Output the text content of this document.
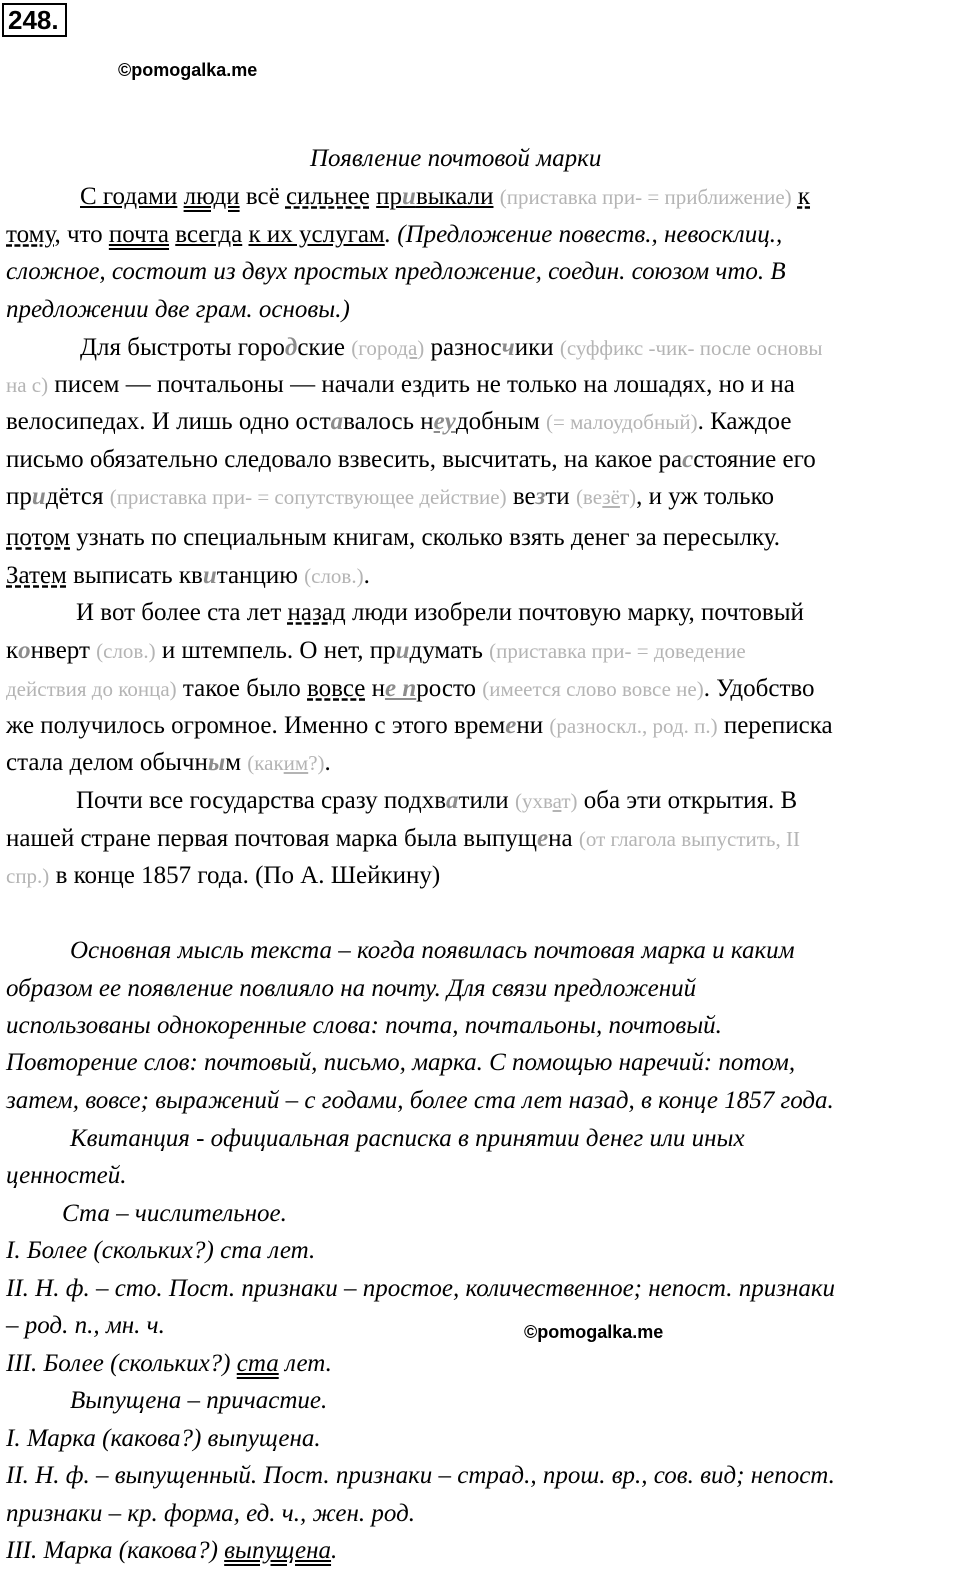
248.
©pomogalka.me
Появление почтовой марки
С годами люди всё сильнее привыкали (приставка при- = приближение) к
тому, что почта всегда к их услугам. (Предложение повеств., невосклиц.,
сложное, состоит из двух простых предложение, соедин. союзом что. В
предложении две грам. основы.)
Для быстроты городские (города) разносчики (суффикс -чик- после основы
на с) писем — почтальоны — начали ездить не только на лошадях, но и на
велосипедах. И лишь одно оставалось неудобным (= малоудобный). Каждое
письмо обязательно следовало взвесить, высчитать, на какое расстояние его
придётся (приставка при- = сопутствующее действие) везти (везёт), и уж только
потом узнать по специальным книгам, сколько взять денег за пересылку.
Затем выписать квитанцию (слов.).
И вот более ста лет назад люди изобрели почтовую марку, почтовый
конверт (слов.) и штемпель. О нет, придумать (приставка при- = доведение
действия до конца) такое было вовсе не просто (имеется слово вовсе не). Удобство
же получилось огромное. Именно с этого времени (разноскл., род. п.) переписка
стала делом обычным (каким?).
Почти все государства сразу подхватили (ухват) оба эти открытия. В
нашей стране первая почтовая марка была выпущена (от глагола выпустить, II
спр.) в конце 1857 года. (По А. Шейкину)
Основная мысль текста – когда появилась почтовая марка и каким
образом ее появление повлияло на почту. Для связи предложений
использованы однокоренные слова: почта, почтальоны, почтовый.
Повторение слов: почтовый, письмо, марка. С помощью наречий: потом,
затем, вовсе; выражений – с годами, более ста лет назад, в конце 1857 года.
Квитанция - официальная расписка в принятии денег или иных
ценностей.
Ста – числительное.
I. Более (скольких?) ста лет.
II. Н. ф. – сто. Пост. признаки – простое, количественное; непост. признаки
– род. п., мн. ч.	©pomogalka.me
III. Более (скольких?) ста лет.
Выпущена – причастие.
I. Марка (какова?) выпущена.
II. Н. ф. – выпущенный. Пост. признаки – страд., прош. вр., сов. вид; непост.
признаки – кр. форма, ед. ч., жен. род.
III. Марка (какова?) выпущена.
